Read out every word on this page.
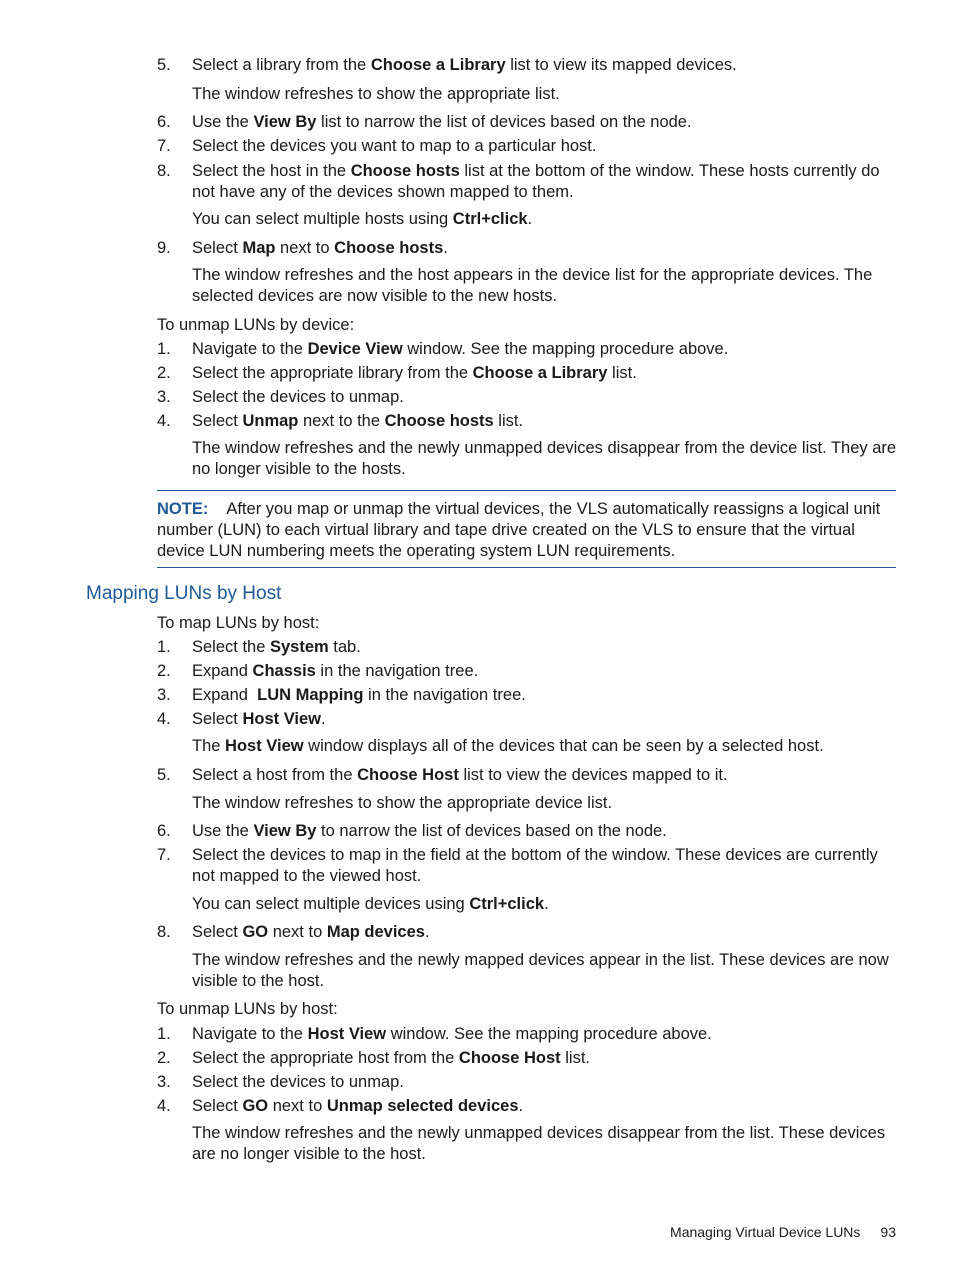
5. Select a library from the Choose a Library list to view its mapped devices.
The window refreshes to show the appropriate list.
6. Use the View By list to narrow the list of devices based on the node.
7. Select the devices you want to map to a particular host.
8. Select the host in the Choose hosts list at the bottom of the window. These hosts currently do not have any of the devices shown mapped to them.
You can select multiple hosts using Ctrl+click.
9. Select Map next to Choose hosts.
The window refreshes and the host appears in the device list for the appropriate devices. The selected devices are now visible to the new hosts.
To unmap LUNs by device:
1. Navigate to the Device View window. See the mapping procedure above.
2. Select the appropriate library from the Choose a Library list.
3. Select the devices to unmap.
4. Select Unmap next to the Choose hosts list.
The window refreshes and the newly unmapped devices disappear from the device list. They are no longer visible to the hosts.
NOTE: After you map or unmap the virtual devices, the VLS automatically reassigns a logical unit number (LUN) to each virtual library and tape drive created on the VLS to ensure that the virtual device LUN numbering meets the operating system LUN requirements.
Mapping LUNs by Host
To map LUNs by host:
1. Select the System tab.
2. Expand Chassis in the navigation tree.
3. Expand  LUN Mapping in the navigation tree.
4. Select Host View.
The Host View window displays all of the devices that can be seen by a selected host.
5. Select a host from the Choose Host list to view the devices mapped to it.
The window refreshes to show the appropriate device list.
6. Use the View By to narrow the list of devices based on the node.
7. Select the devices to map in the field at the bottom of the window. These devices are currently not mapped to the viewed host.
You can select multiple devices using Ctrl+click.
8. Select GO next to Map devices.
The window refreshes and the newly mapped devices appear in the list. These devices are now visible to the host.
To unmap LUNs by host:
1. Navigate to the Host View window. See the mapping procedure above.
2. Select the appropriate host from the Choose Host list.
3. Select the devices to unmap.
4. Select GO next to Unmap selected devices.
The window refreshes and the newly unmapped devices disappear from the list. These devices are no longer visible to the host.
Managing Virtual Device LUNs 93
